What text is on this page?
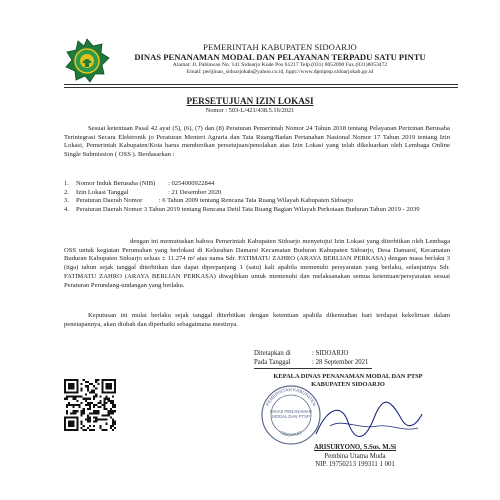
PEMERINTAH KABUPATEN SIDOARJO
DINAS PENANAMAN MODAL DAN PELAYANAN TERPADU SATU PINTU
Alamat: Jl. Pahlawan No. 141 Sidoarjo Kode Pos 61217 Telp.(031) 8052090 Fax.(031)8053472
Email: perijinan_sidoarjokab@yahoo.co.id, hppt://www.dpmptsp.sidoarjokab.go.id
PERSETUJUAN IZIN LOKASI
Nomor : 503-L/421/438.5.16/2021
Sesuai ketentuan Pasal 42 ayat (5), (6), (7) dan (8) Peraturan Pemerintah Nomor 24 Tahun 2018 tentang Pelayanan Perizinan Berusaha Terintegrasi Secara Elektronik jo Peraturan Menteri Agraria dan Tata Ruang/Badan Pertanahan Nasional Nomor 17 Tahun 2019 tentang Izin Lokasi, Pemerintah Kabupaten/Kota harus memberikan persetujuan/penolakan atas Izin Lokasi yang telah dikeluarkan oleh Lembaga Online Single Submission ( OSS ). Berdasarkan :
1.	Nomor Induk Berusaha (NIB)	: 0254000922844
2.	Izin Lokasi Tanggal	: 21 Desember 2020
3.	Peraturan Daerah Nomor          : 6 Tahun 2009 tentang Rencana Tata Ruang Wilayah Kabupaten Sidoarjo
4.	Peraturan Daerah Nomor 3 Tahun 2019 tentang Rencana Detil Tata Ruang Bagian Wilayah Perkotaan Buduran Tahun 2019 - 2039
dengan ini memutuskan bahwa Pemerintah Kabupaten Sidoarjo menyetujui Izin Lokasi yang diterbitkan oleh Lembaga OSS untuk kegiatan Perumahan yang berlokasi di Kelurahan Damarsi Kecamatan Buduran Kabupaten Sidoarjo, Desa Damarsi, Kecamatan Buduran Kabupaten Sidoarjo seluas ± 11.274 m² atas nama Sdr. FATIMATU ZAHRO (ARAYA BERLIAN PERKASA) dengan masa berlaku 3 (tiga) tahun sejak tanggal diterbitkan dan dapat diperpanjang 1 (satu) kali apabila memenuhi persyaratan yang berlaku, selanjutnya Sdr. FATIMATU ZAHRO (ARAYA BERLIAN PERKASA) diwajibkan untuk memenuhi dan melaksanakan semua ketentuan/persyaratan sesuai Peraturan Perundang-undangan yang berlaku.
Keputusan ini mulai berlaku sejak tanggal diterbitkan dengan ketentuan apabila dikemudian hari terdapat kekeliruan dalam penetapannya, akan diubah dan diperbaiki sebagaimana mestinya.
Ditetapkan di	: SIDOARJO
Pada Tanggal	: 28 September 2021
KEPALA DINAS PENANAMAN MODAL DAN PTSP
KABUPATEN SIDOARJO
DINAS PENANAMAN
MODAL DAN PTSP
PEMERINTAH KABUPATEN
SIDOARJO
ARISURYONO, S.Sos. M.Si
Pembina Utama Muda
NIP. 19750213 199311 1 001
